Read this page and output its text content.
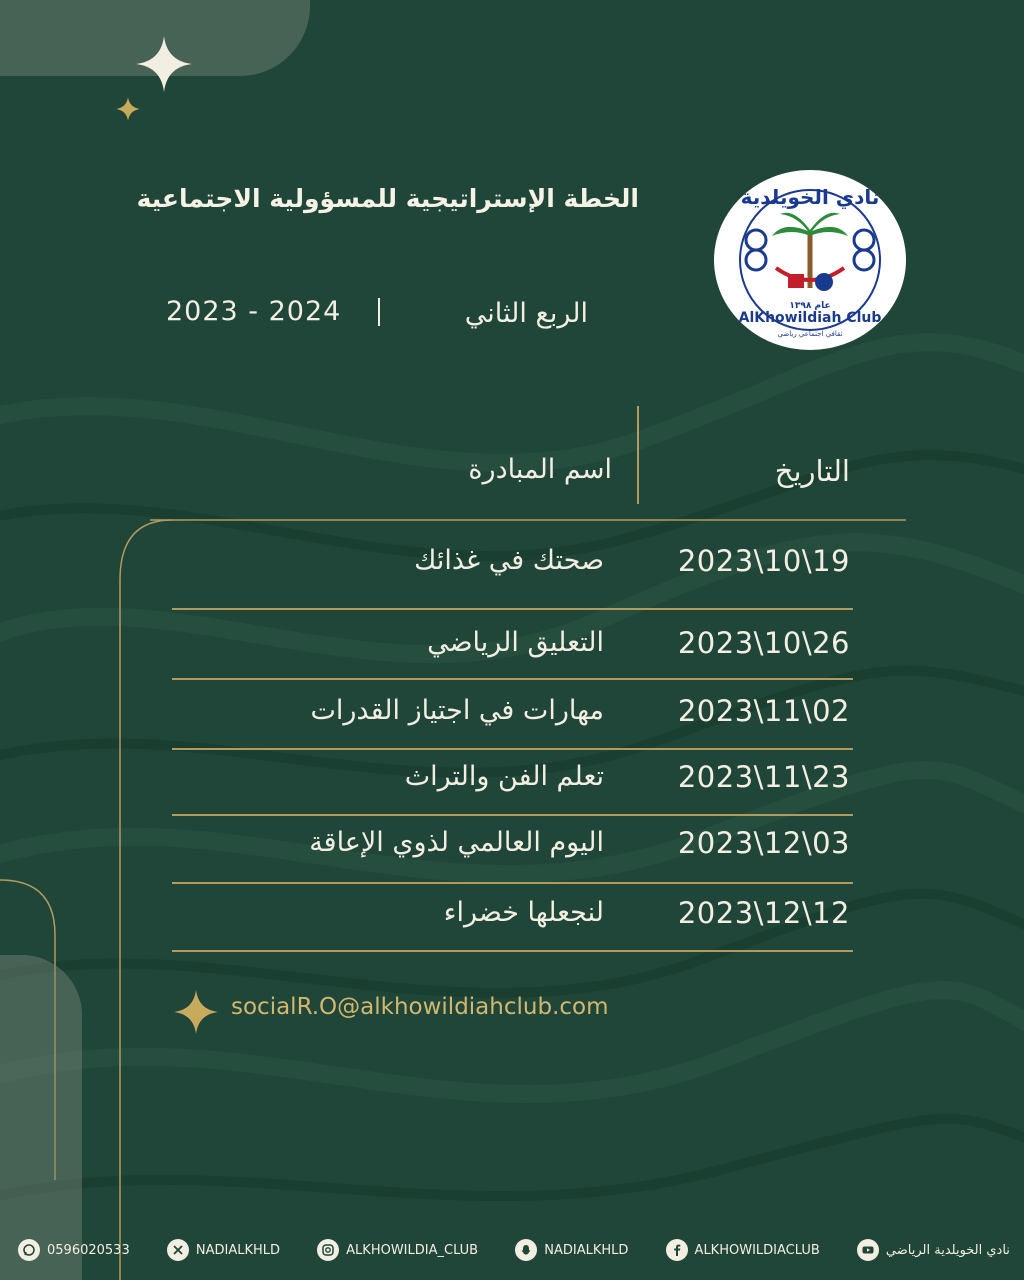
الخطة الإستراتيجية للمسؤولية الاجتماعية
الربع الثاني
2023 - 2024
نادي الخويلدية
عام ١٣٩٨
AlKhowildiah Club
ثقافي اجتماعي رياضي
التاريخ
اسم المبادرة
2023\10\19
صحتك في غذائك
2023\10\26
التعليق الرياضي
2023\11\02
مهارات في اجتياز القدرات
2023\11\23
تعلم الفن والتراث
2023\12\03
اليوم العالمي لذوي الإعاقة
2023\12\12
لنجعلها خضراء
socialR.O@alkhowildiahclub.com
0596020533	NADIALKHLD	ALKHOWILDIA_CLUB	NADIALKHLD	ALKHOWILDIACLUB	نادي الخويلدية الرياضي
